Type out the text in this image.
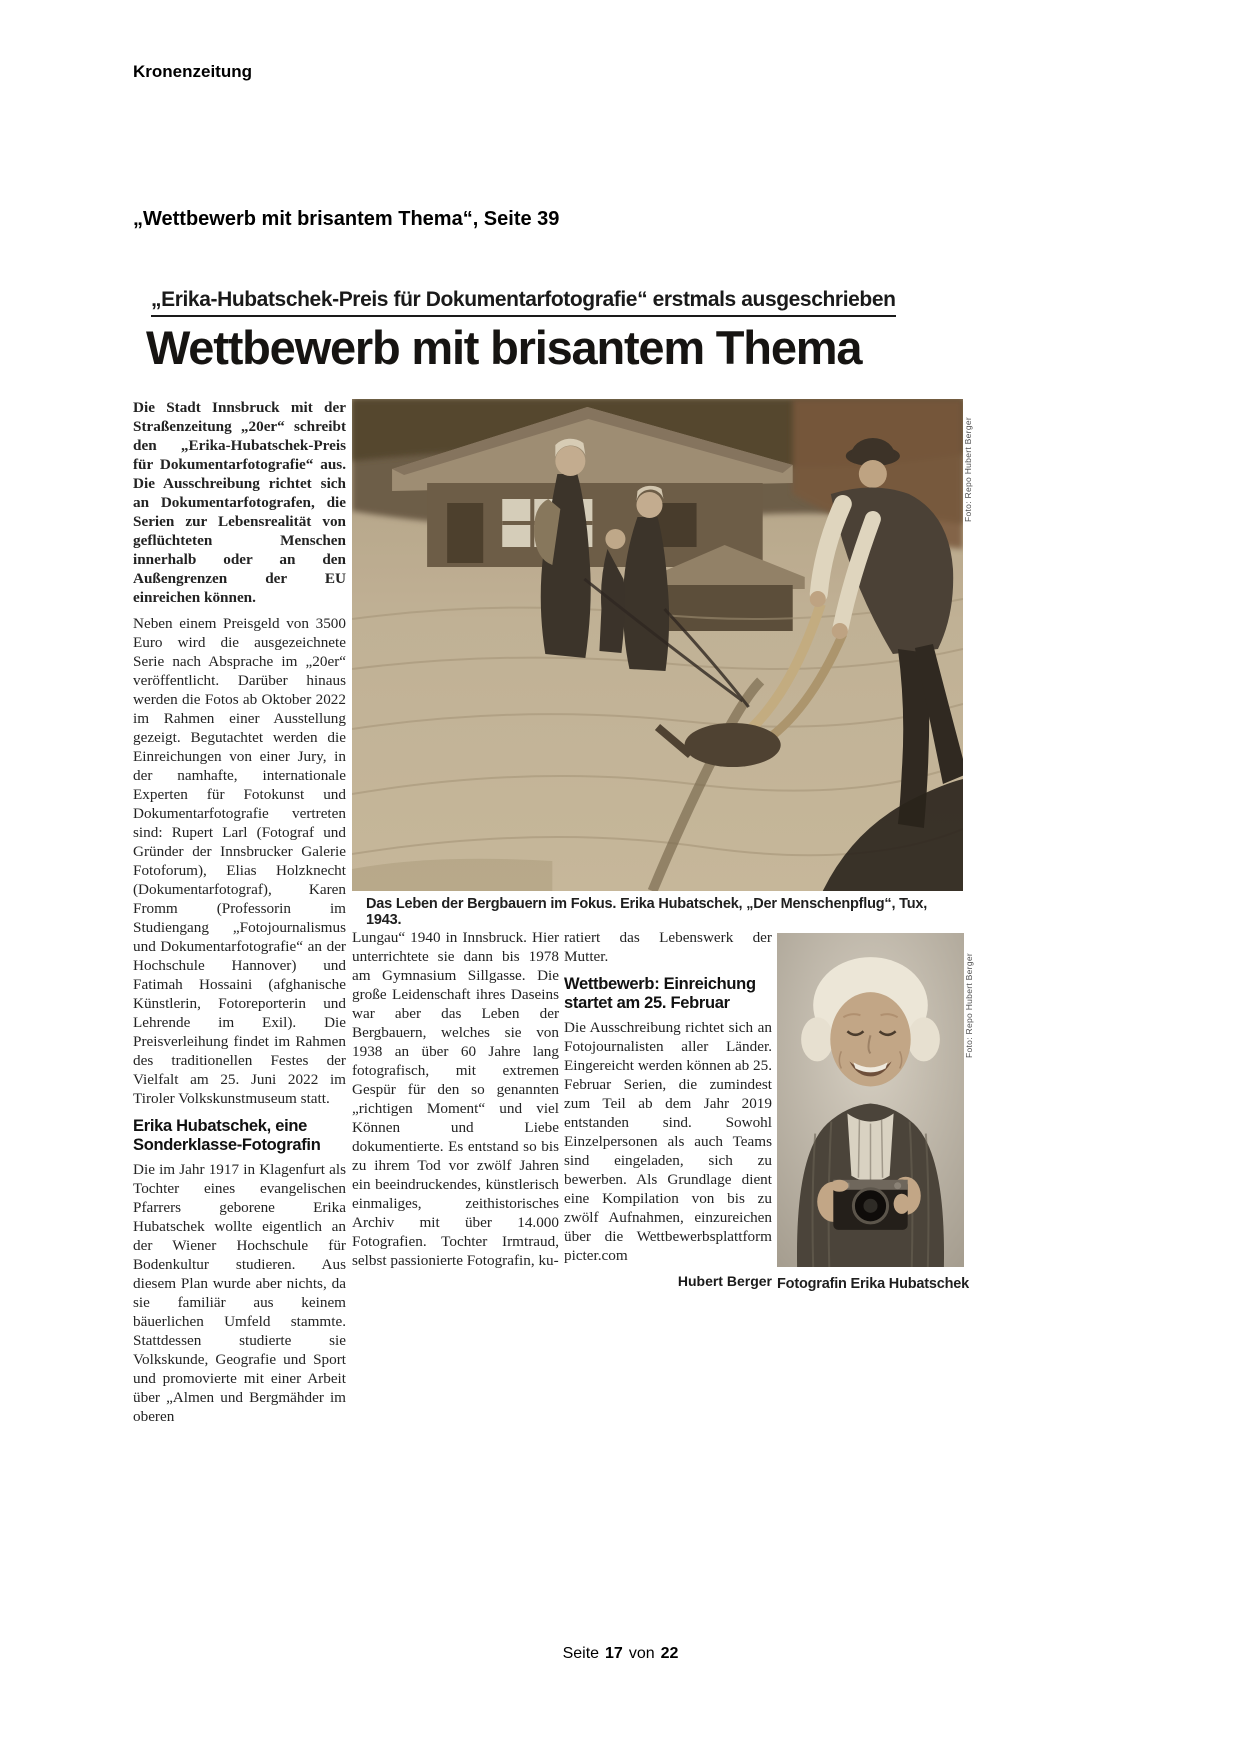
Kronenzeitung
„Wettbewerb mit brisantem Thema“, Seite 39
„Erika-Hubatschek-Preis für Dokumentarfotografie“ erstmals ausgeschrieben
Wettbewerb mit brisantem Thema

Die Stadt Innsbruck mit der Straßenzeitung „20er“ schreibt den „Erika-Hubatschek-Preis für Dokumentarfotografie“ aus. Die Ausschreibung richtet sich an Dokumentarfotografen, die Serien zur Lebensrealität von geflüchteten Menschen innerhalb oder an den Außengrenzen der EU einreichen können.

Neben einem Preisgeld von 3500 Euro wird die ausgezeichnete Serie nach Absprache im „20er“ veröffentlicht. Darüber hinaus werden die Fotos ab Oktober 2022 im Rahmen einer Ausstellung gezeigt. Begutachtet werden die Einreichungen von einer Jury, in der namhafte, internationale Experten für Fotokunst und Dokumentarfotografie vertreten sind: Rupert Larl (Fotograf und Gründer der Innsbrucker Galerie Fotoforum), Elias Holzknecht (Dokumentarfotograf), Karen Fromm (Professorin im Studiengang „Fotojournalismus und Dokumentarfotografie“ an der Hochschule Hannover) und Fatimah Hossaini (afghanische Künstlerin, Fotoreporterin und Lehrende im Exil). Die Preisverleihung findet im Rahmen des traditionellen Festes der Vielfalt am 25. Juni 2022 im Tiroler Volkskunstmuseum statt.

Erika Hubatschek, eine Sonderklasse-Fotografin

Die im Jahr 1917 in Klagenfurt als Tochter eines evangelischen Pfarrers geborene Erika Hubatschek wollte eigentlich an der Wiener Hochschule für Bodenkultur studieren. Aus diesem Plan wurde aber nichts, da sie familiär aus keinem bäuerlichen Umfeld stammte. Stattdessen studierte sie Volkskunde, Geografie und Sport und promovierte mit einer Arbeit über „Almen und Bergmähder im oberen

Foto: Repo Hubert Berger
Das Leben der Bergbauern im Fokus. Erika Hubatschek, „Der Menschenpflug“, Tux, 1943.

Lungau“ 1940 in Innsbruck. Hier unterrichtete sie dann bis 1978 am Gymnasium Sillgasse. Die große Leidenschaft ihres Daseins war aber das Leben der Bergbauern, welches sie von 1938 an über 60 Jahre lang fotografisch, mit extremen Gespür für den so genannten „richtigen Moment“ und viel Können und Liebe dokumentierte. Es entstand so bis zu ihrem Tod vor zwölf Jahren ein beeindruckendes, künstlerisch einmaliges, zeithistorisches Archiv mit über 14.000 Fotografien. Tochter Irmtraud, selbst passionierte Fotografin, ku-

ratiert das Lebenswerk der Mutter.

Wettbewerb: Einreichung startet am 25. Februar

Die Ausschreibung richtet sich an Fotojournalisten aller Länder. Eingereicht werden können ab 25. Februar Serien, die zumindest zum Teil ab dem Jahr 2019 entstanden sind. Sowohl Einzelpersonen als auch Teams sind eingeladen, sich zu bewerben. Als Grundlage dient eine Kompilation von bis zu zwölf Aufnahmen, einzureichen über die Wettbewerbsplattform picter.com

Hubert Berger
Foto: Repo Hubert Berger
Fotografin Erika Hubatschek
Seite 17 von 22
